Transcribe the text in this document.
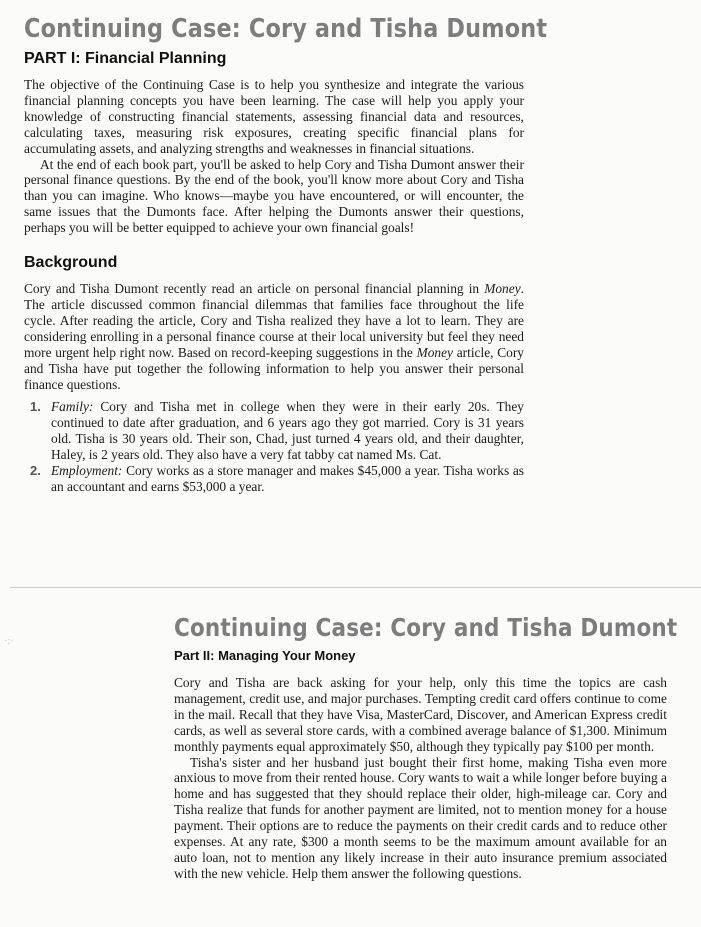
Continuing Case: Cory and Tisha Dumont
PART I: Financial Planning

The objective of the Continuing Case is to help you synthesize and integrate the various financial planning concepts you have been learning. The case will help you apply your knowledge of constructing financial statements, assessing financial data and resources, calculating taxes, measuring risk exposures, creating specific financial plans for accumulating assets, and analyzing strengths and weaknesses in financial situations.

At the end of each book part, you'll be asked to help Cory and Tisha Dumont answer their personal finance questions. By the end of the book, you'll know more about Cory and Tisha than you can imagine. Who knows—maybe you have encountered, or will encounter, the same issues that the Dumonts face. After helping the Dumonts answer their questions, perhaps you will be better equipped to achieve your own financial goals!

Background

Cory and Tisha Dumont recently read an article on personal financial planning in Money. The article discussed common financial dilemmas that families face throughout the life cycle. After reading the article, Cory and Tisha realized they have a lot to learn. They are considering enrolling in a personal finance course at their local university but feel they need more urgent help right now. Based on record-keeping suggestions in the Money article, Cory and Tisha have put together the following information to help you answer their personal finance questions.

1. Family: Cory and Tisha met in college when they were in their early 20s. They continued to date after graduation, and 6 years ago they got married. Cory is 31 years old. Tisha is 30 years old. Their son, Chad, just turned 4 years old, and their daughter, Haley, is 2 years old. They also have a very fat tabby cat named Ms. Cat.
2. Employment: Cory works as a store manager and makes $45,000 a year. Tisha works as an accountant and earns $53,000 a year.
·:·	Continuing Case: Cory and Tisha Dumont
Part II: Managing Your Money

Cory and Tisha are back asking for your help, only this time the topics are cash management, credit use, and major purchases. Tempting credit card offers continue to come in the mail. Recall that they have Visa, MasterCard, Discover, and American Express credit cards, as well as several store cards, with a combined average balance of $1,300. Minimum monthly payments equal approximately $50, although they typically pay $100 per month.

Tisha's sister and her husband just bought their first home, making Tisha even more anxious to move from their rented house. Cory wants to wait a while longer before buying a home and has suggested that they should replace their older, high-mileage car. Cory and Tisha realize that funds for another payment are limited, not to mention money for a house payment. Their options are to reduce the payments on their credit cards and to reduce other expenses. At any rate, $300 a month seems to be the maximum amount available for an auto loan, not to mention any likely increase in their auto insurance premium associated with the new vehicle. Help them answer the following questions.
